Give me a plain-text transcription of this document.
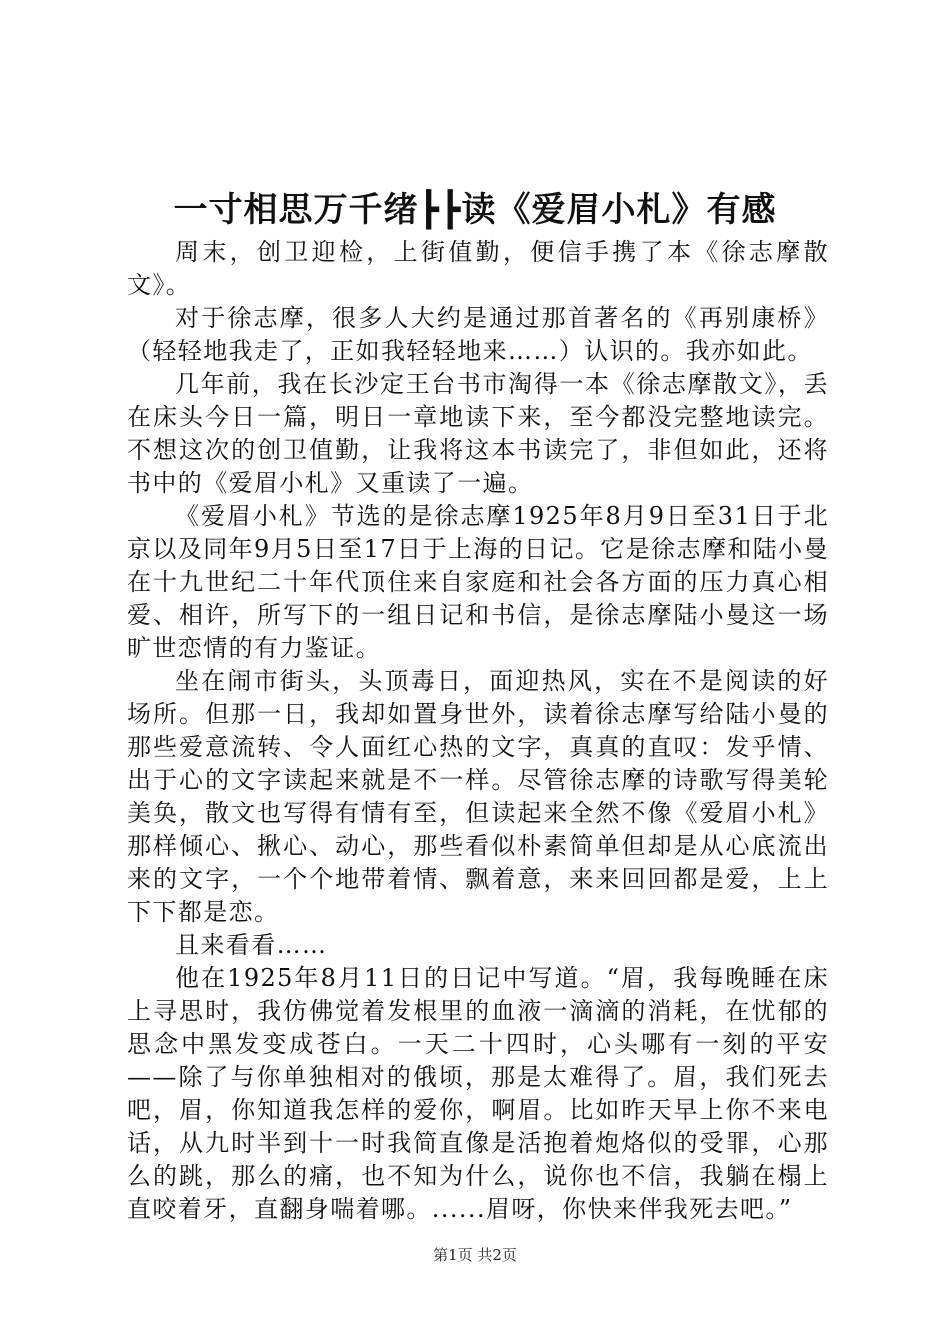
一寸相思万千绪┣┣读《爱眉小札》有感

周末，创卫迎检，上街值勤，便信手携了本《徐志摩散文》。

对于徐志摩，很多人大约是通过那首著名的《再别康桥》（轻轻地我走了，正如我轻轻地来……）认识的。我亦如此。

几年前，我在长沙定王台书市淘得一本《徐志摩散文》，丢在床头今日一篇，明日一章地读下来，至今都没完整地读完。不想这次的创卫值勤，让我将这本书读完了，非但如此，还将书中的《爱眉小札》又重读了一遍。

《爱眉小札》节选的是徐志摩1925年8月9日至31日于北京以及同年9月5日至17日于上海的日记。它是徐志摩和陆小曼在十九世纪二十年代顶住来自家庭和社会各方面的压力真心相爱、相许，所写下的一组日记和书信，是徐志摩陆小曼这一场旷世恋情的有力鉴证。

坐在闹市街头，头顶毒日，面迎热风，实在不是阅读的好场所。但那一日，我却如置身世外，读着徐志摩写给陆小曼的那些爱意流转、令人面红心热的文字，真真的直叹：发乎情、出于心的文字读起来就是不一样。尽管徐志摩的诗歌写得美轮美奂，散文也写得有情有至，但读起来全然不像《爱眉小札》那样倾心、揪心、动心，那些看似朴素简单但却是从心底流出来的文字，一个个地带着情、飘着意，来来回回都是爱，上上下下都是恋。

且来看看……

他在1925年8月11日的日记中写道。“眉，我每晚睡在床上寻思时，我仿佛觉着发根里的血液一滴滴的消耗，在忧郁的思念中黑发变成苍白。一天二十四时，心头哪有一刻的平安——除了与你单独相对的俄顷，那是太难得了。眉，我们死去吧，眉，你知道我怎样的爱你，啊眉。比如昨天早上你不来电话，从九时半到十一时我简直像是活抱着炮烙似的受罪，心那么的跳，那么的痛，也不知为什么，说你也不信，我躺在榻上直咬着牙，直翻身喘着哪。......眉呀，你快来伴我死去吧。”

第1页 共2页
